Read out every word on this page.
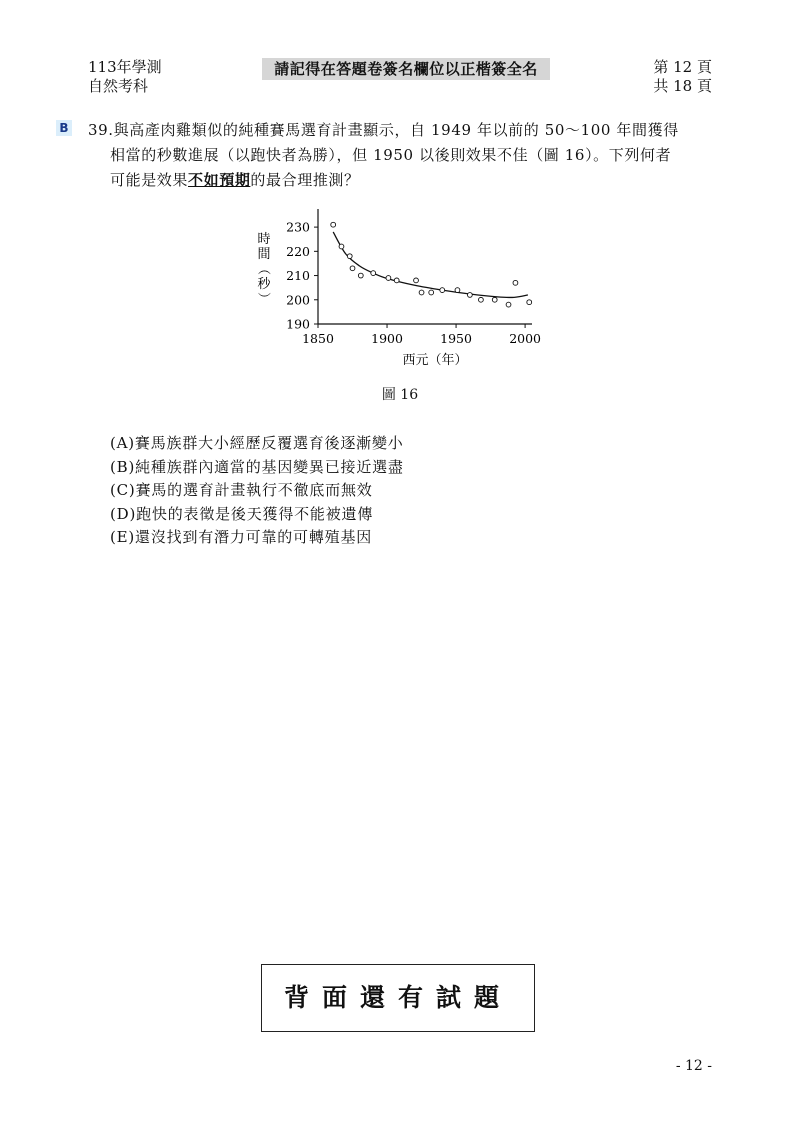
113年學測
自然考科
請記得在答題卷簽名欄位以正楷簽全名	第 12 頁
共 18 頁
B 39.與高產肉雞類似的純種賽馬選育計畫顯示，自 1949 年以前的 50～100 年間獲得
相當的秒數進展（以跑快者為勝），但 1950 以後則效果不佳（圖 16）。下列何者
可能是效果不如預期的最合理推測？
1850	1900	1950	2000
190
200
210
220
230
西元（年）
時
間
（
秒
）
圖 16
(A)賽馬族群大小經歷反覆選育後逐漸變小
(B)純種族群內適當的基因變異已接近選盡
(C)賽馬的選育計畫執行不徹底而無效
(D)跑快的表徵是後天獲得不能被遺傳
(E)還沒找到有潛力可靠的可轉殖基因
背面還有試題
- 12 -
